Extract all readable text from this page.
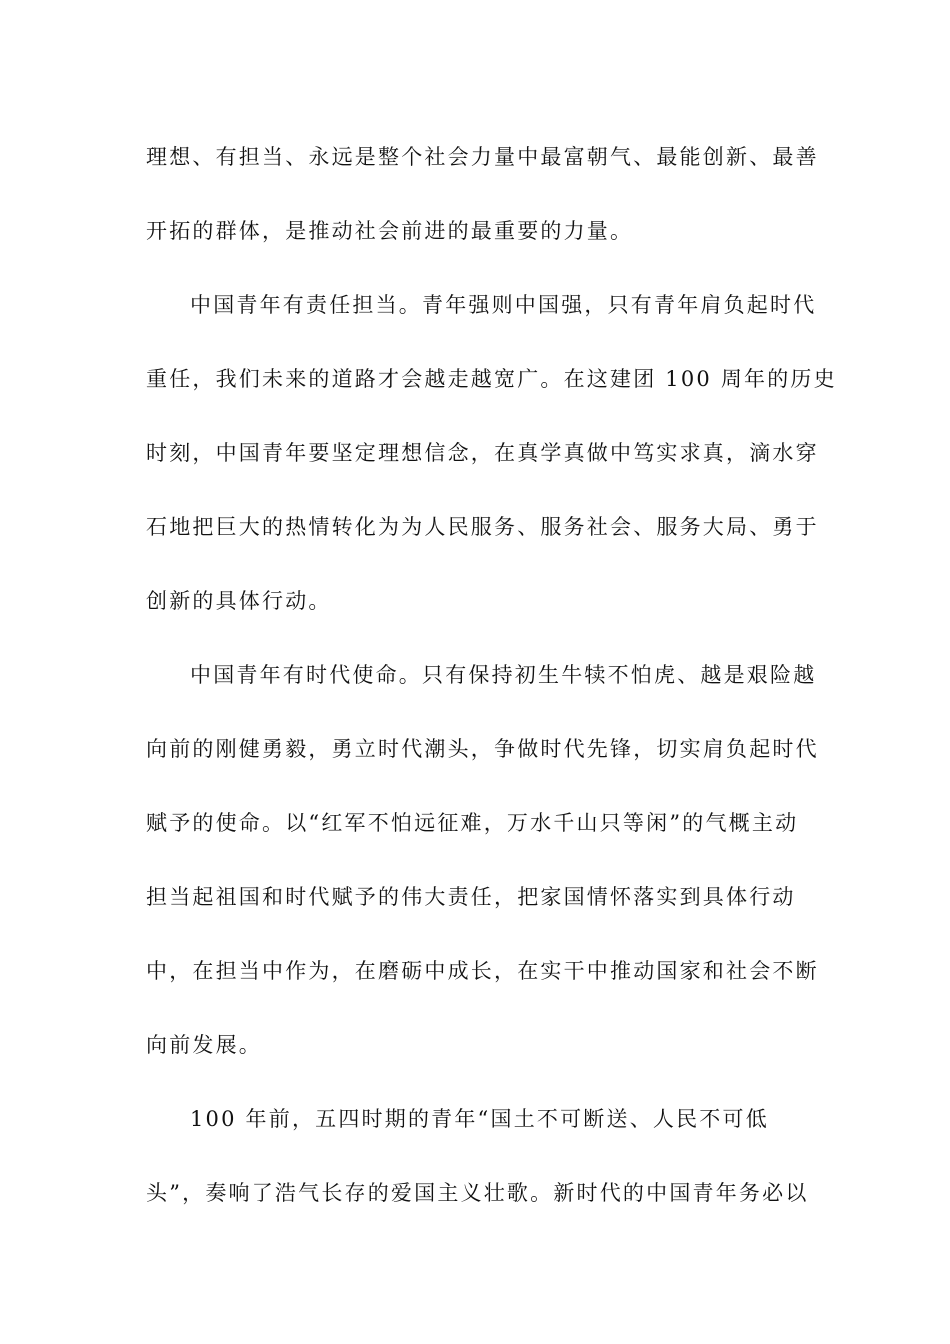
理想、有担当、永远是整个社会力量中最富朝气、最能创新、最善
开拓的群体，是推动社会前进的最重要的力量。
中国青年有责任担当。青年强则中国强，只有青年肩负起时代
重任，我们未来的道路才会越走越宽广。在这建团 100 周年的历史
时刻，中国青年要坚定理想信念，在真学真做中笃实求真，滴水穿
石地把巨大的热情转化为为人民服务、服务社会、服务大局、勇于
创新的具体行动。
中国青年有时代使命。只有保持初生牛犊不怕虎、越是艰险越
向前的刚健勇毅，勇立时代潮头，争做时代先锋，切实肩负起时代
赋予的使命。以“红军不怕远征难，万水千山只等闲”的气概主动
担当起祖国和时代赋予的伟大责任，把家国情怀落实到具体行动
中，在担当中作为，在磨砺中成长，在实干中推动国家和社会不断
向前发展。
100 年前，五四时期的青年“国土不可断送、人民不可低
头”，奏响了浩气长存的爱国主义壮歌。新时代的中国青年务必以
